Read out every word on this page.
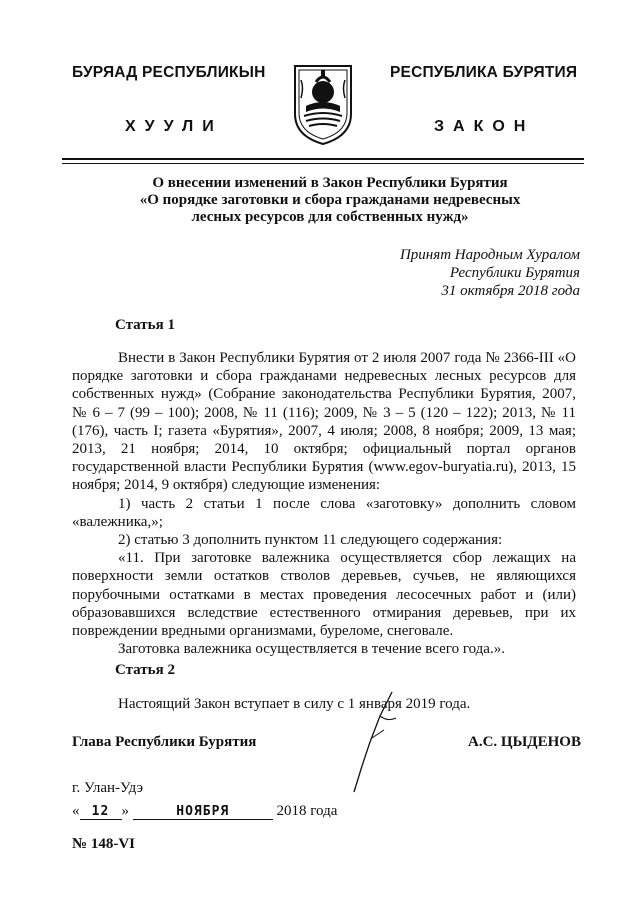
БУРЯАД РЕСПУБЛИКЫН
ХУУЛИ
РЕСПУБЛИКА БУРЯТИЯ
ЗАКОН
О внесении изменений в Закон Республики Бурятия
«О порядке заготовки и сбора гражданами недревесных
лесных ресурсов для собственных нужд»
Принят Народным Хуралом
Республики Бурятия
31 октября 2018 года
Статья 1

Внести в Закон Республики Бурятия от 2 июля 2007 года № 2366-III «О порядке заготовки и сбора гражданами недревесных лесных ресурсов для собственных нужд» (Собрание законодательства Республики Бурятия, 2007, № 6 – 7 (99 – 100); 2008, № 11 (116); 2009, № 3 – 5 (120 – 122); 2013, № 11 (176), часть I; газета «Бурятия», 2007, 4 июля; 2008, 8 ноября; 2009, 13 мая; 2013, 21 ноября; 2014, 10 октября; официальный портал органов государственной власти Республики Бурятия (www.egov-buryatia.ru), 2013, 15 ноября; 2014, 9 октября) следующие изменения:

1) часть 2 статьи 1 после слова «заготовку» дополнить словом «валежника,»;

2) статью 3 дополнить пунктом 11 следующего содержания:

«11. При заготовке валежника осуществляется сбор лежащих на поверхности земли остатков стволов деревьев, сучьев, не являющихся порубочными остатками в местах проведения лесосечных работ и (или) образовавшихся вследствие естественного отмирания деревьев, при их повреждении вредными организмами, буреломе, снеговале.

Заготовка валежника осуществляется в течение всего года.».

Статья 2

Настоящий Закон вступает в силу с 1 января 2019 года.

Глава Республики Бурятия	А.С. ЦЫДЕНОВ
г. Улан-Удэ
« 12 »	НОЯБРЯ	2018 года
№ 148-VI
